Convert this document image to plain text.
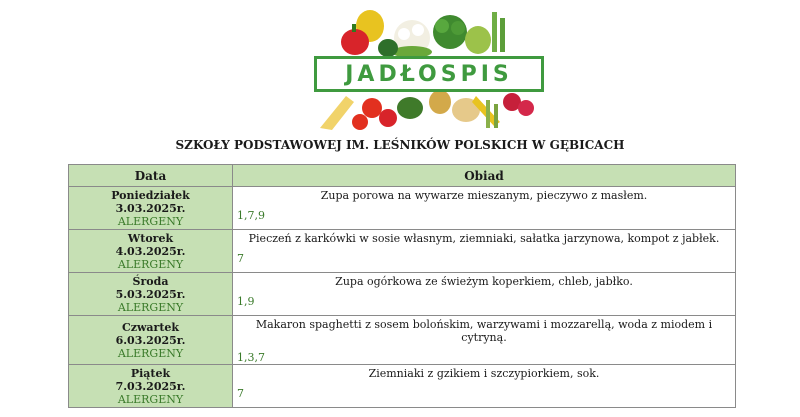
JADŁOSPIS
SZKOŁY PODSTAWOWEJ IM. LEŚNIKÓW POLSKICH W GĘBICACH
Data	Obiad

Poniedziałek
3.03.2025r.
ALERGENY	Zupa porowa na wywarze mieszanym, pieczywo z masłem.
1,7,9

Wtorek
4.03.2025r.
ALERGENY	Pieczeń z karkówki w sosie własnym, ziemniaki, sałatka jarzynowa, kompot z jabłek.
7

Środa
5.03.2025r.
ALERGENY	Zupa ogórkowa ze świeżym koperkiem, chleb, jabłko.
1,9

Czwartek
6.03.2025r.
ALERGENY	Makaron spaghetti z sosem bolońskim, warzywami i mozzarellą, woda z miodem i cytryną.
1,3,7

Piątek
7.03.2025r.
ALERGENY	Ziemniaki z gzikiem i szczypiorkiem, sok.
7
